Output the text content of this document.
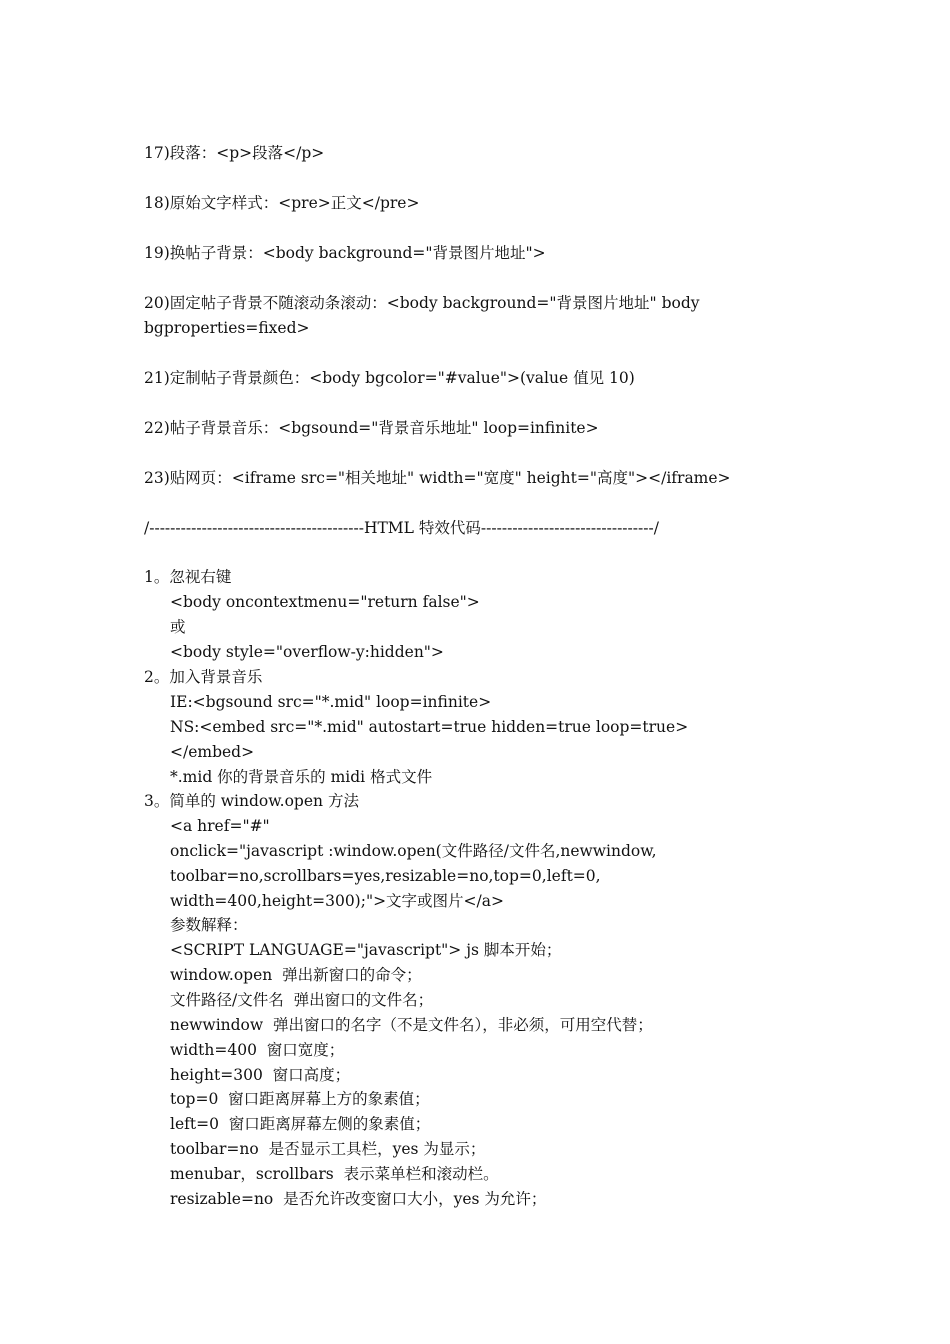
17)段落：<p>段落</p>
18)原始文字样式：<pre>正文</pre>
19)换帖子背景：<body background="背景图片地址">
20)固定帖子背景不随滚动条滚动：<body background="背景图片地址" body
bgproperties=fixed>
21)定制帖子背景颜色：<body bgcolor="#value">(value 值见 10)
22)帖子背景音乐：<bgsound="背景音乐地址" loop=infinite>
23)贴网页：<iframe src="相关地址" width="宽度" height="高度"></iframe>
/-----------------------------------------HTML 特效代码---------------------------------/
1。忽视右键
<body oncontextmenu="return false">
或
<body style="overflow-y:hidden">
2。加入背景音乐
IE:<bgsound src="*.mid" loop=infinite>
NS:<embed src="*.mid" autostart=true hidden=true loop=true>
</embed>
*.mid 你的背景音乐的 midi 格式文件
3。简单的 window.open 方法
<a href="#"
onclick="javascript :window.open(文件路径/文件名,newwindow,
toolbar=no,scrollbars=yes,resizable=no,top=0,left=0,
width=400,height=300);">文字或图片</a>
参数解释：
<SCRIPT LANGUAGE="javascript"> js 脚本开始；
window.open  弹出新窗口的命令；
文件路径/文件名  弹出窗口的文件名；
newwindow  弹出窗口的名字（不是文件名），非必须，可用空代替；
width=400  窗口宽度；
height=300  窗口高度；
top=0  窗口距离屏幕上方的象素值；
left=0  窗口距离屏幕左侧的象素值；
toolbar=no  是否显示工具栏，yes 为显示；
menubar，scrollbars  表示菜单栏和滚动栏。
resizable=no  是否允许改变窗口大小，yes 为允许；
